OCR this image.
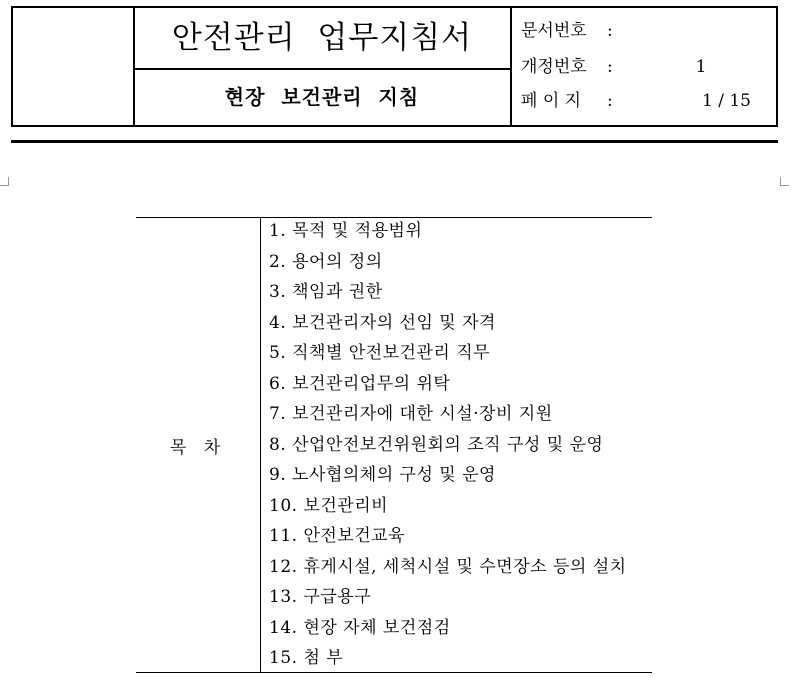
안전관리  업무지침서
현장  보건관리  지침
문서번호 :
개정번호 :	1
페 이 지 :	1 / 15
목 차
1. 목적 및 적용범위
2. 용어의 정의
3. 책임과 권한
4. 보건관리자의 선임 및 자격
5. 직책별 안전보건관리 직무
6. 보건관리업무의 위탁
7. 보건관리자에 대한 시설·장비 지원
8. 산업안전보건위원회의 조직 구성 및 운영
9. 노사협의체의 구성 및 운영
10. 보건관리비
11. 안전보건교육
12. 휴게시설, 세척시설 및 수면장소 등의 설치
13. 구급용구
14. 현장 자체 보건점검
15. 첨 부
